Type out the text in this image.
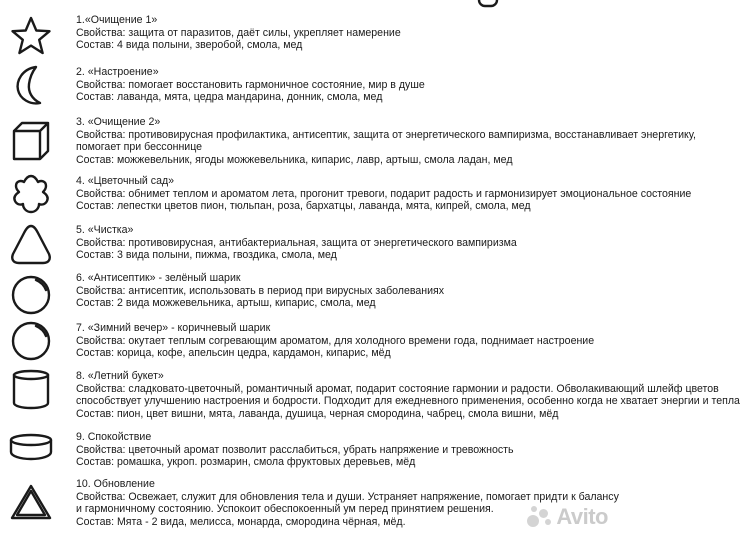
1.«Очищение 1»
Свойства: защита от паразитов, даёт силы, укрепляет намерение
Состав: 4 вида полыни, зверобой, смола, мед
2. «Настроение»
Свойства: помогает восстановить гармоничное состояние, мир в душе
Состав: лаванда, мята, цедра мандарина, донник, смола, мед
3. «Очищение 2»
Свойства: противовирусная профилактика, антисептик, защита от энергетического вампиризма, восстанавливает энергетику,
помогает при бессоннице
Состав: можжевельник, ягоды можжевельника, кипарис, лавр, артыш, смола ладан, мед
4. «Цветочный сад»
Свойства: обнимет теплом и ароматом лета, прогонит тревоги, подарит радость и гармонизирует эмоциональное состояние
Состав: лепестки цветов пион, тюльпан, роза, бархатцы, лаванда, мята, кипрей, смола, мед
5. «Чистка»
Свойства: противовирусная, антибактериальная, защита от энергетического вампиризма
Состав: 3 вида полыни, пижма, гвоздика, смола, мед
6. «Антисептик» - зелёный шарик
Свойства: антисептик, использовать в период при вирусных заболеваниях
Состав: 2 вида можжевельника, артыш, кипарис, смола, мед
7. «Зимний вечер» - коричневый шарик
Свойства: окутает теплым согревающим ароматом, для холодного времени года, поднимает настроение
Состав: корица, кофе, апельсин цедра, кардамон, кипарис, мёд
8. «Летний букет»
Свойства: сладковато-цветочный, романтичный аромат, подарит состояние гармонии и радости. Обволакивающий шлейф цветов
способствует улучшению настроения и бодрости. Подходит для ежедневного применения, особенно когда не хватает энергии и тепла
Состав: пион, цвет вишни, мята, лаванда, душица, черная смородина, чабрец, смола вишни, мёд
9. Спокойствие
Свойства: цветочный аромат позволит расслабиться, убрать напряжение и тревожность
Состав: ромашка, укроп. розмарин, смола фруктовых деревьев, мёд
10. Обновление
Свойства: Освежает, служит для обновления тела и души. Устраняет напряжение, помогает придти к балансу
и гармоничному состоянию. Успокоит обеспокоенный ум перед принятием решения.
Состав: Мята - 2 вида, мелисса, монарда, смородина чёрная, мёд.	Avito
